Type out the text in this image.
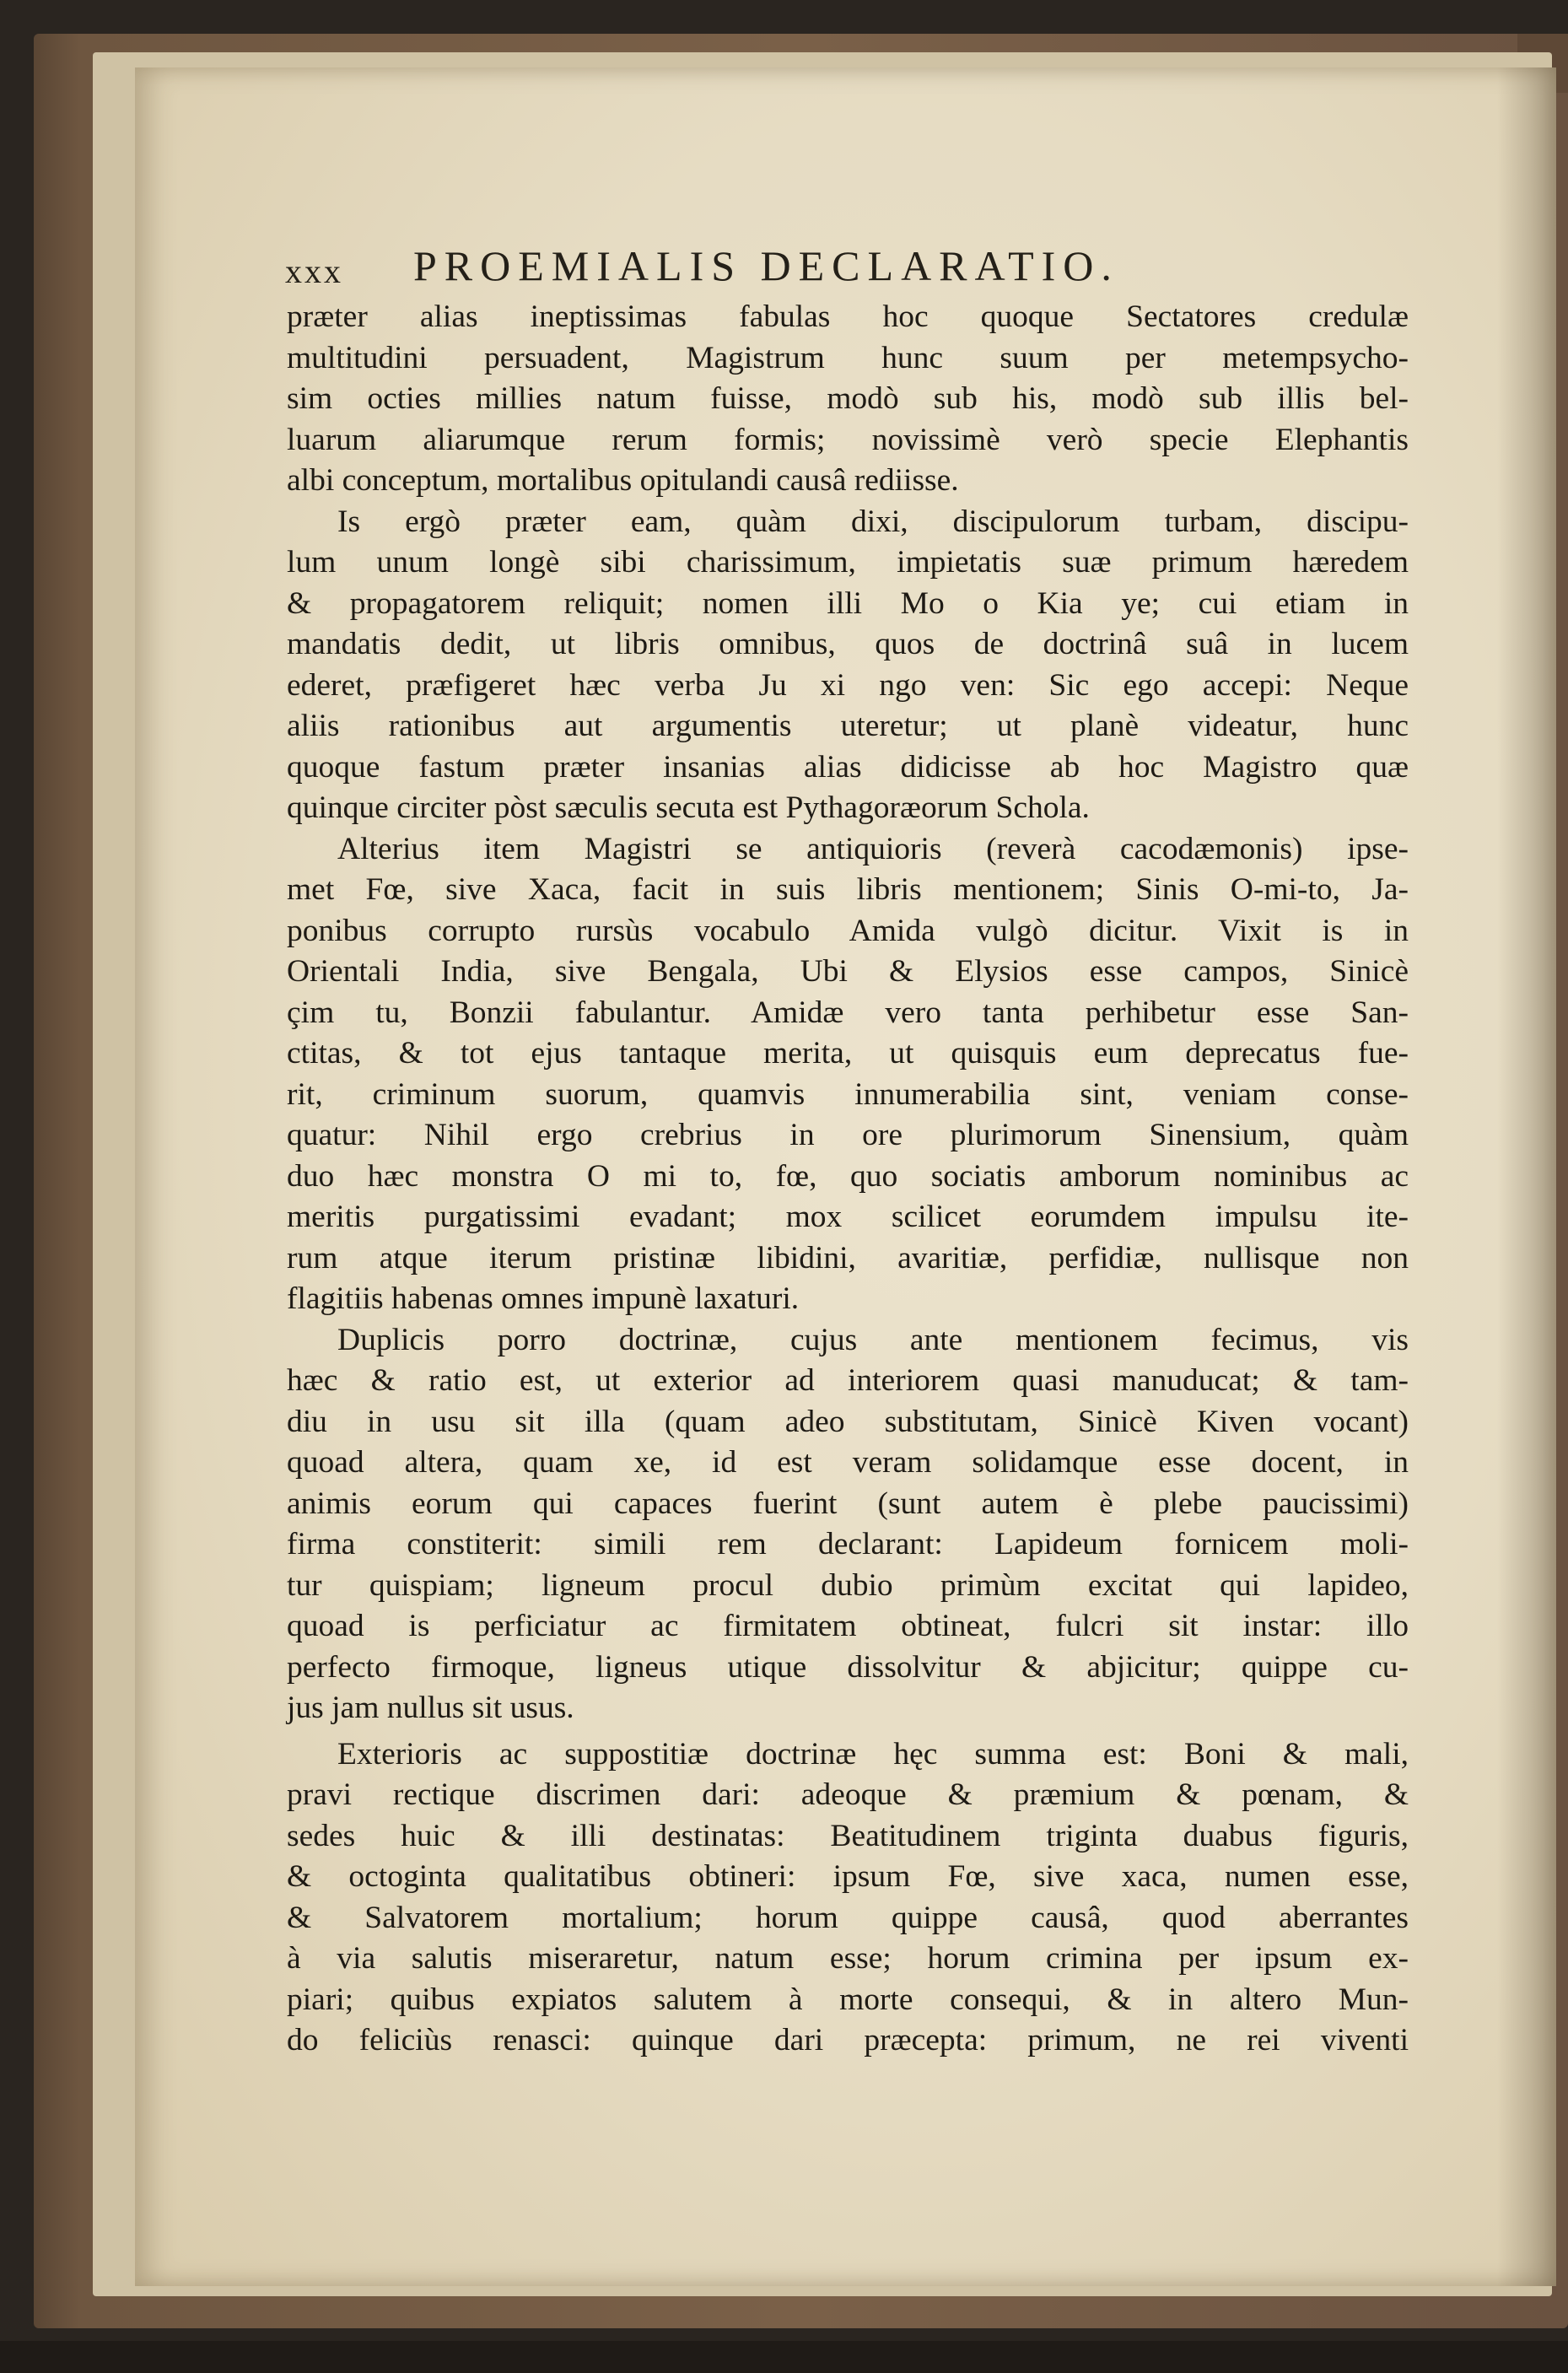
xxx PROEMIALIS DECLARATIO.

præter alias ineptissimas fabulas hoc quoque Sectatores credulæ

multitudini persuadent, Magistrum hunc suum per metempsycho-

sim octies millies natum fuisse, modò sub his, modò sub illis bel-

luarum aliarumque rerum formis; novissimè verò specie Elephantis

albi conceptum, mortalibus opitulandi causâ rediisse.

Is ergò præter eam, quàm dixi, discipulorum turbam, discipu-

lum unum longè sibi charissimum, impietatis suæ primum hæredem

& propagatorem reliquit; nomen illi Mo o Kia ye; cui etiam in

mandatis dedit, ut libris omnibus, quos de doctrinâ suâ in lucem

ederet, præfigeret hæc verba Ju xi ngo ven: Sic ego accepi: Neque

aliis rationibus aut argumentis uteretur; ut planè videatur, hunc

quoque fastum præter insanias alias didicisse ab hoc Magistro quæ

quinque circiter pòst sæculis secuta est Pythagoræorum Schola.

Alterius item Magistri se antiquioris (reverà cacodæmonis) ipse-

met Fœ, sive Xaca, facit in suis libris mentionem; Sinis O-mi-to, Ja-

ponibus corrupto rursùs vocabulo Amida vulgò dicitur. Vixit is in

Orientali India, sive Bengala, Ubi & Elysios esse campos, Sinicè

çim tu, Bonzii fabulantur. Amidæ vero tanta perhibetur esse San-

ctitas, & tot ejus tantaque merita, ut quisquis eum deprecatus fue-

rit, criminum suorum, quamvis innumerabilia sint, veniam conse-

quatur: Nihil ergo crebrius in ore plurimorum Sinensium, quàm

duo hæc monstra O mi to, fœ, quo sociatis amborum nominibus ac

meritis purgatissimi evadant; mox scilicet eorumdem impulsu ite-

rum atque iterum pristinæ libidini, avaritiæ, perfidiæ, nullisque non

flagitiis habenas omnes impunè laxaturi.

Duplicis porro doctrinæ, cujus ante mentionem fecimus, vis

hæc & ratio est, ut exterior ad interiorem quasi manuducat; & tam-

diu in usu sit illa (quam adeo substitutam, Sinicè Kiven vocant)

quoad altera, quam xe, id est veram solidamque esse docent, in

animis eorum qui capaces fuerint (sunt autem è plebe paucissimi)

firma constiterit: simili rem declarant: Lapideum fornicem moli-

tur quispiam; ligneum procul dubio primùm excitat qui lapideo,

quoad is perficiatur ac firmitatem obtineat, fulcri sit instar: illo

perfecto firmoque, ligneus utique dissolvitur & abjicitur; quippe cu-

jus jam nullus sit usus.

Exterioris ac suppostitiæ doctrinæ hęc summa est: Boni & mali,

pravi rectique discrimen dari: adeoque & præmium & pœnam, &

sedes huic & illi destinatas: Beatitudinem triginta duabus figuris,

& octoginta qualitatibus obtineri: ipsum Fœ, sive xaca, numen esse,

& Salvatorem mortalium; horum quippe causâ, quod aberrantes

à via salutis miseraretur, natum esse; horum crimina per ipsum ex-

piari; quibus expiatos salutem à morte consequi, & in altero Mun-

do feliciùs renasci: quinque dari præcepta: primum, ne rei viventi
